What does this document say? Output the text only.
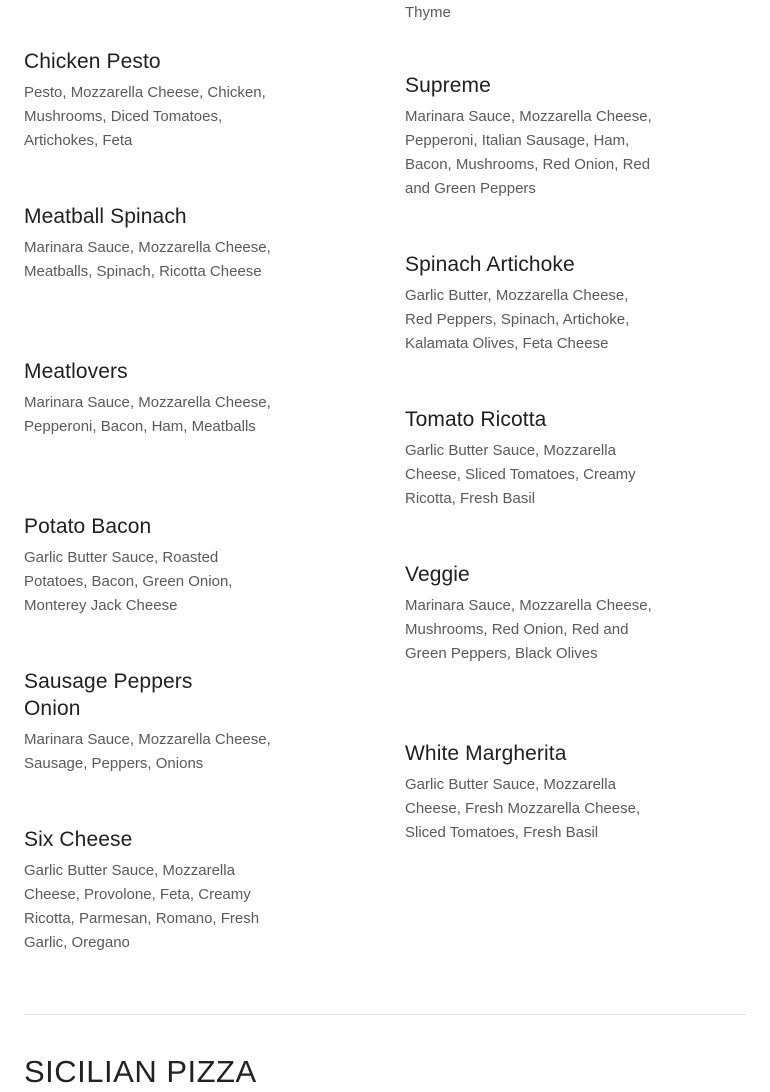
Chicken Pesto

Pesto, Mozzarella Cheese, Chicken, Mushrooms, Diced Tomatoes, Artichokes, Feta

Meatball Spinach

Marinara Sauce, Mozzarella Cheese, Meatballs, Spinach, Ricotta Cheese

Meatlovers

Marinara Sauce, Mozzarella Cheese, Pepperoni, Bacon, Ham, Meatballs

Potato Bacon

Garlic Butter Sauce, Roasted Potatoes, Bacon, Green Onion, Monterey Jack Cheese

Sausage Peppers Onion

Marinara Sauce, Mozzarella Cheese, Sausage, Peppers, Onions

Six Cheese

Garlic Butter Sauce, Mozzarella Cheese, Provolone, Feta, Creamy Ricotta, Parmesan, Romano, Fresh Garlic, Oregano

Thyme

Supreme

Marinara Sauce, Mozzarella Cheese, Pepperoni, Italian Sausage, Ham, Bacon, Mushrooms, Red Onion, Red and Green Peppers

Spinach Artichoke

Garlic Butter, Mozzarella Cheese, Red Peppers, Spinach, Artichoke, Kalamata Olives, Feta Cheese

Tomato Ricotta

Garlic Butter Sauce, Mozzarella Cheese, Sliced Tomatoes, Creamy Ricotta, Fresh Basil

Veggie

Marinara Sauce, Mozzarella Cheese, Mushrooms, Red Onion, Red and Green Peppers, Black Olives

White Margherita

Garlic Butter Sauce, Mozzarella Cheese, Fresh Mozzarella Cheese, Sliced Tomatoes, Fresh Basil

SICILIAN PIZZA
